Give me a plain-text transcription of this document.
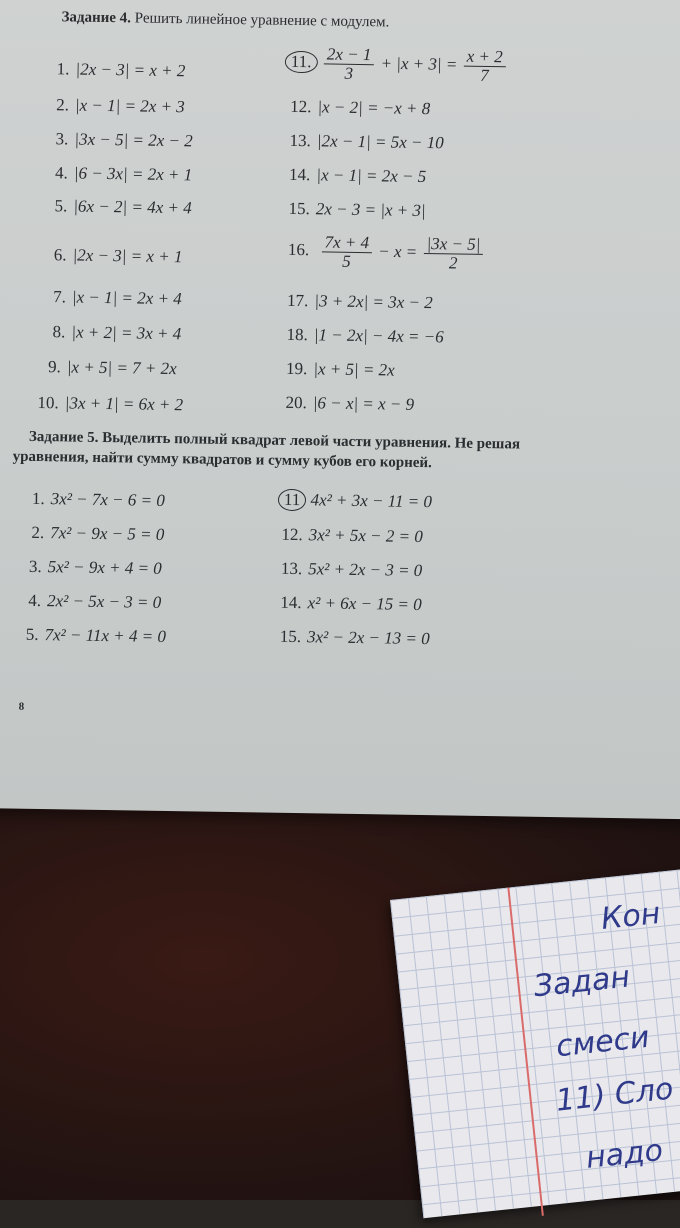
Задание 4. Решить линейное уравнение с модулем.
1. |2x − 3| = x + 2
2. |x − 1| = 2x + 3
3. |3x − 5| = 2x − 2
4. |6 − 3x| = 2x + 1
5. |6x − 2| = 4x + 4
6. |2x − 3| = x + 1
7. |x − 1| = 2x + 4
8. |x + 2| = 3x + 4
9. |x + 5| = 7 + 2x
10. |3x + 1| = 6x + 2
11. $\frac{2x - 1}{3} + |x + 3| = \frac{x + 2}{7}$
12. |x − 2| = −x + 8
13. |2x − 1| = 5x − 10
14. |x − 1| = 2x − 5
15. 2x − 3 = |x + 3|
16. $\frac{7x + 4}{5} - x = \frac{|3x - 5|}{2}$
17. |3 + 2x| = 3x − 2
18. |1 − 2x| − 4x = −6
19. |x + 5| = 2x
20. |6 − x| = x − 9
Задание 5. Выделить полный квадрат левой части уравнения. Не решая
уравнения, найти сумму квадратов и сумму кубов его корней.
1. 3x² − 7x − 6 = 0
2. 7x² − 9x − 5 = 0
3. 5x² − 9x + 4 = 0
4. 2x² − 5x − 3 = 0
5. 7x² − 11x + 4 = 0
11 4x² + 3x − 11 = 0
12. 3x² + 5x − 2 = 0
13. 5x² + 2x − 3 = 0
14. x² + 6x − 15 = 0
15. 3x² − 2x − 13 = 0
8
Кон
Задан
смеси
11) Сло
надо
